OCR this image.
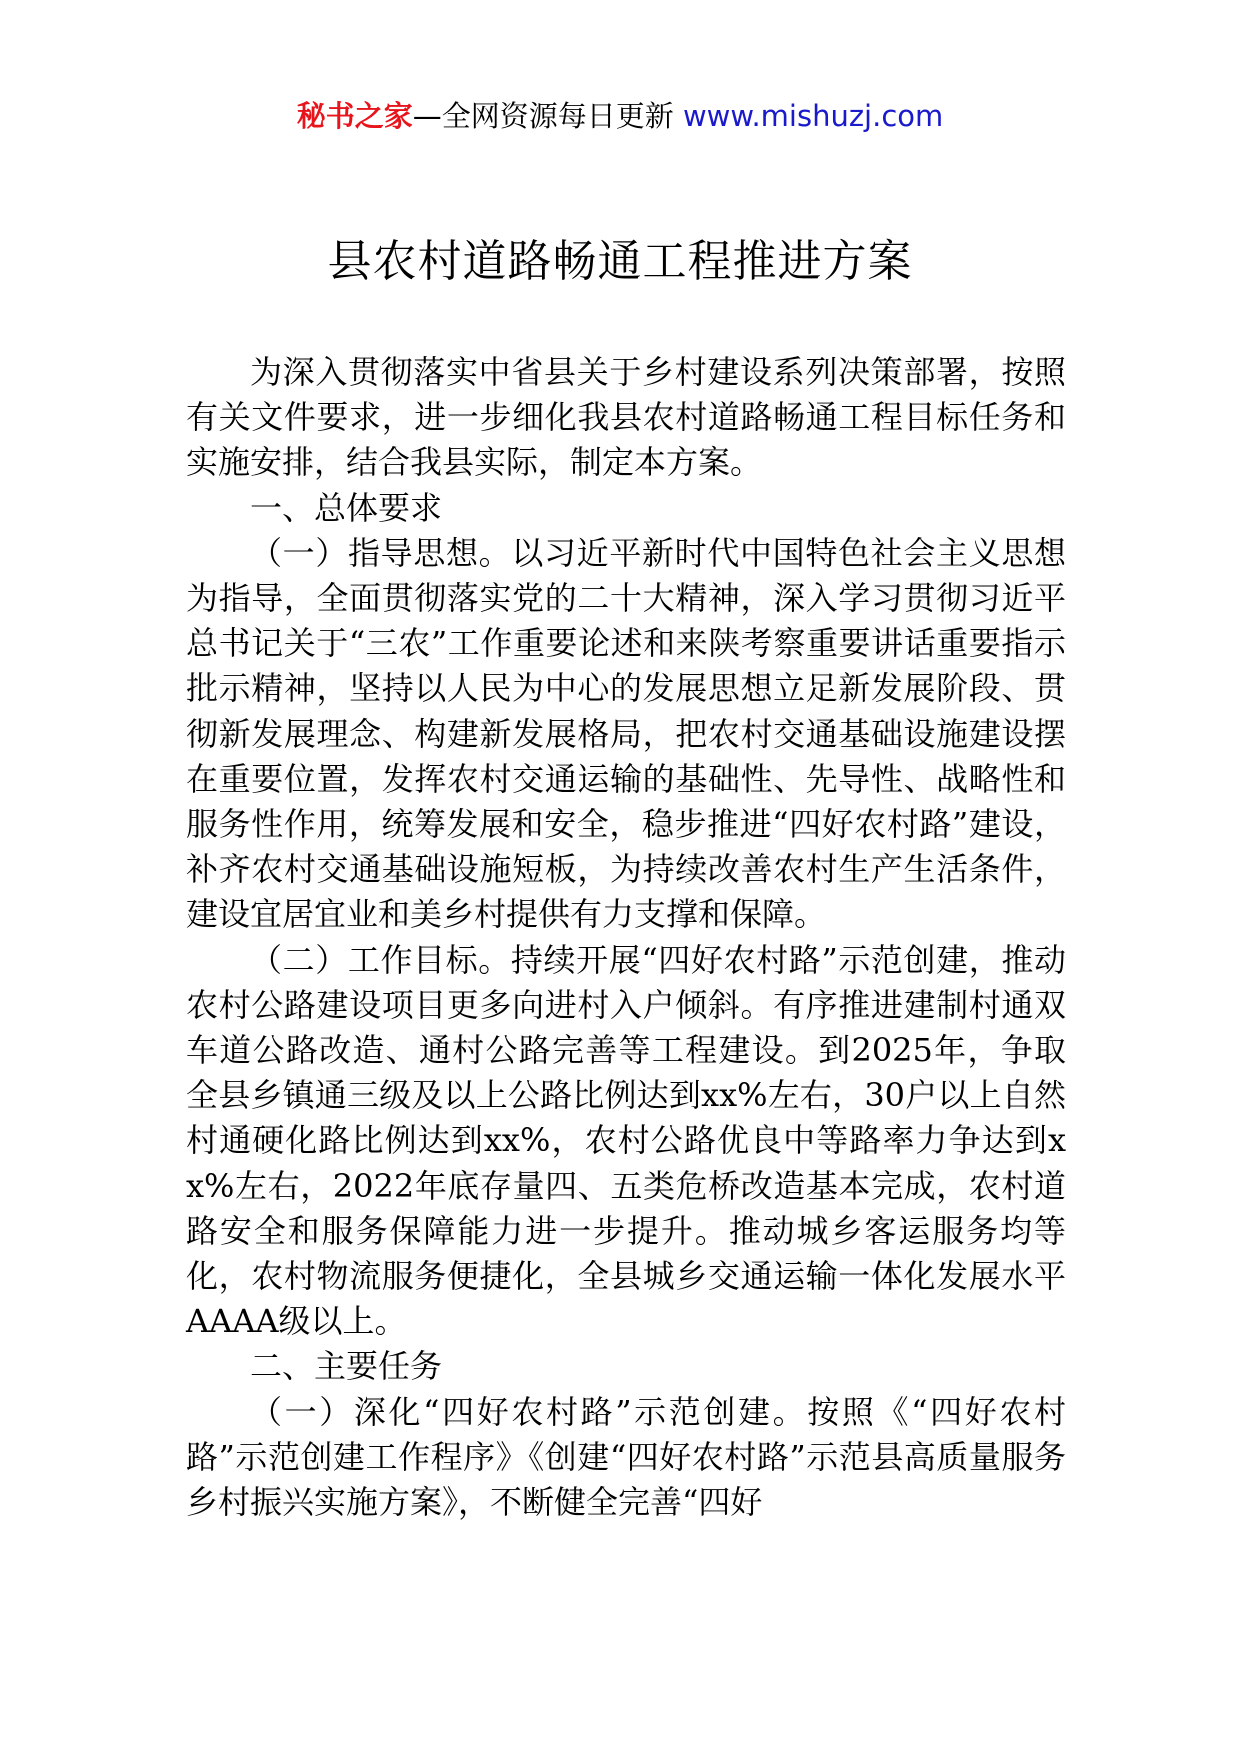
秘书之家—全网资源每日更新 www.mishuzj.com
县农村道路畅通工程推进方案

为深入贯彻落实中省县关于乡村建设系列决策部署，按照有关文件要求，进一步细化我县农村道路畅通工程目标任务和实施安排，结合我县实际，制定本方案。

一、总体要求

（一）指导思想。以习近平新时代中国特色社会主义思想为指导，全面贯彻落实党的二十大精神，深入学习贯彻习近平总书记关于“三农”工作重要论述和来陕考察重要讲话重要指示批示精神，坚持以人民为中心的发展思想立足新发展阶段、贯彻新发展理念、构建新发展格局，把农村交通基础设施建设摆在重要位置，发挥农村交通运输的基础性、先导性、战略性和服务性作用，统筹发展和安全，稳步推进“四好农村路”建设，补齐农村交通基础设施短板，为持续改善农村生产生活条件，建设宜居宜业和美乡村提供有力支撑和保障。

（二）工作目标。持续开展“四好农村路”示范创建，推动农村公路建设项目更多向进村入户倾斜。有序推进建制村通双车道公路改造、通村公路完善等工程建设。到2025年，争取全县乡镇通三级及以上公路比例达到xx%左右，30户以上自然村通硬化路比例达到xx%，农村公路优良中等路率力争达到xx%左右，2022年底存量四、五类危桥改造基本完成，农村道路安全和服务保障能力进一步提升。推动城乡客运服务均等化，农村物流服务便捷化，全县城乡交通运输一体化发展水平AAAA级以上。

二、主要任务

（一）深化“四好农村路”示范创建。按照《“四好农村路”示范创建工作程序》《创建“四好农村路”示范县高质量服务乡村振兴实施方案》，不断健全完善“四好
